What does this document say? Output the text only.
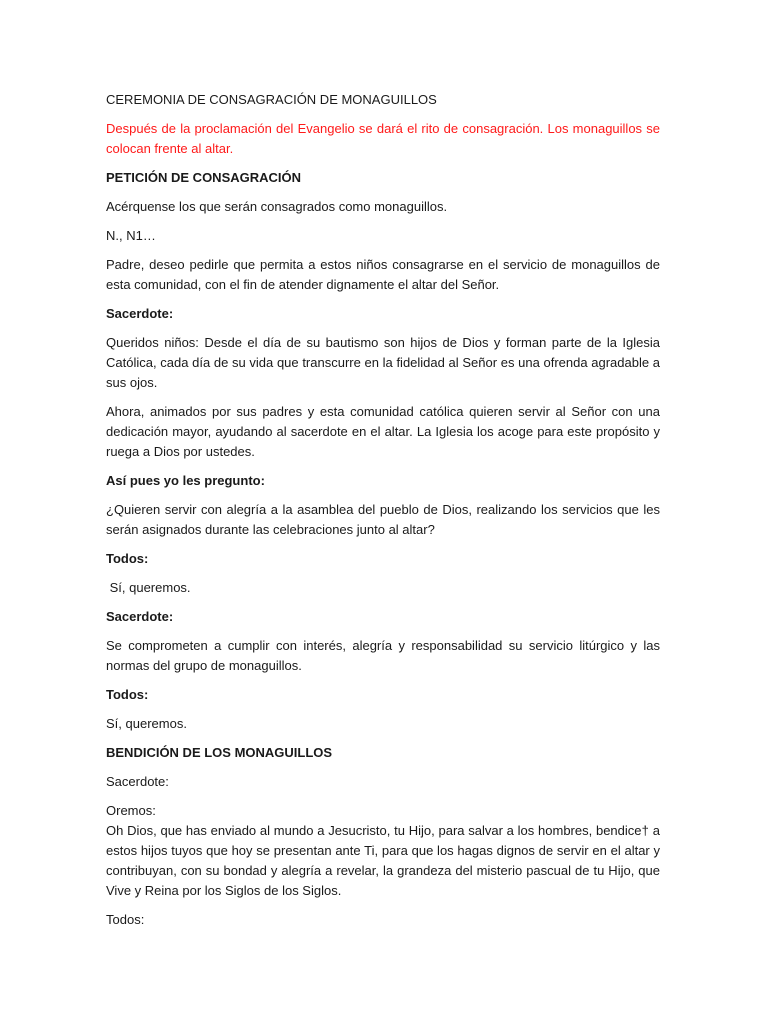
CEREMONIA DE CONSAGRACIÓN DE MONAGUILLOS

Después de la proclamación del Evangelio se dará el rito de consagración. Los monaguillos se colocan frente al altar.

PETICIÓN DE CONSAGRACIÓN

Acérquense los que serán consagrados como monaguillos.

N., N1…

Padre, deseo pedirle que permita a estos niños consagrarse en el servicio de monaguillos de esta comunidad, con el fin de atender dignamente el altar del Señor.

Sacerdote:

Queridos niños: Desde el día de su bautismo son hijos de Dios y forman parte de la Iglesia Católica, cada día de su vida que transcurre en la fidelidad al Señor es una ofrenda agradable a sus ojos.

Ahora, animados por sus padres y esta comunidad católica quieren servir al Señor con una dedicación mayor, ayudando al sacerdote en el altar. La Iglesia los acoge para este propósito y ruega a Dios por ustedes.

Así pues yo les pregunto:

¿Quieren servir con alegría a la asamblea del pueblo de Dios, realizando los servicios que les serán asignados durante las celebraciones junto al altar?

Todos:

Sí, queremos.

Sacerdote:

Se comprometen a cumplir con interés, alegría y responsabilidad su servicio litúrgico y las normas del grupo de monaguillos.

Todos:

Sí, queremos.

BENDICIÓN DE LOS MONAGUILLOS

Sacerdote:

Oremos:

Oh Dios, que has enviado al mundo a Jesucristo, tu Hijo, para salvar a los hombres, bendice† a estos hijos tuyos que hoy se presentan ante Ti, para que los hagas dignos de servir en el altar y contribuyan, con su bondad y alegría a revelar, la grandeza del misterio pascual de tu Hijo, que Vive y Reina por los Siglos de los Siglos.

Todos:
